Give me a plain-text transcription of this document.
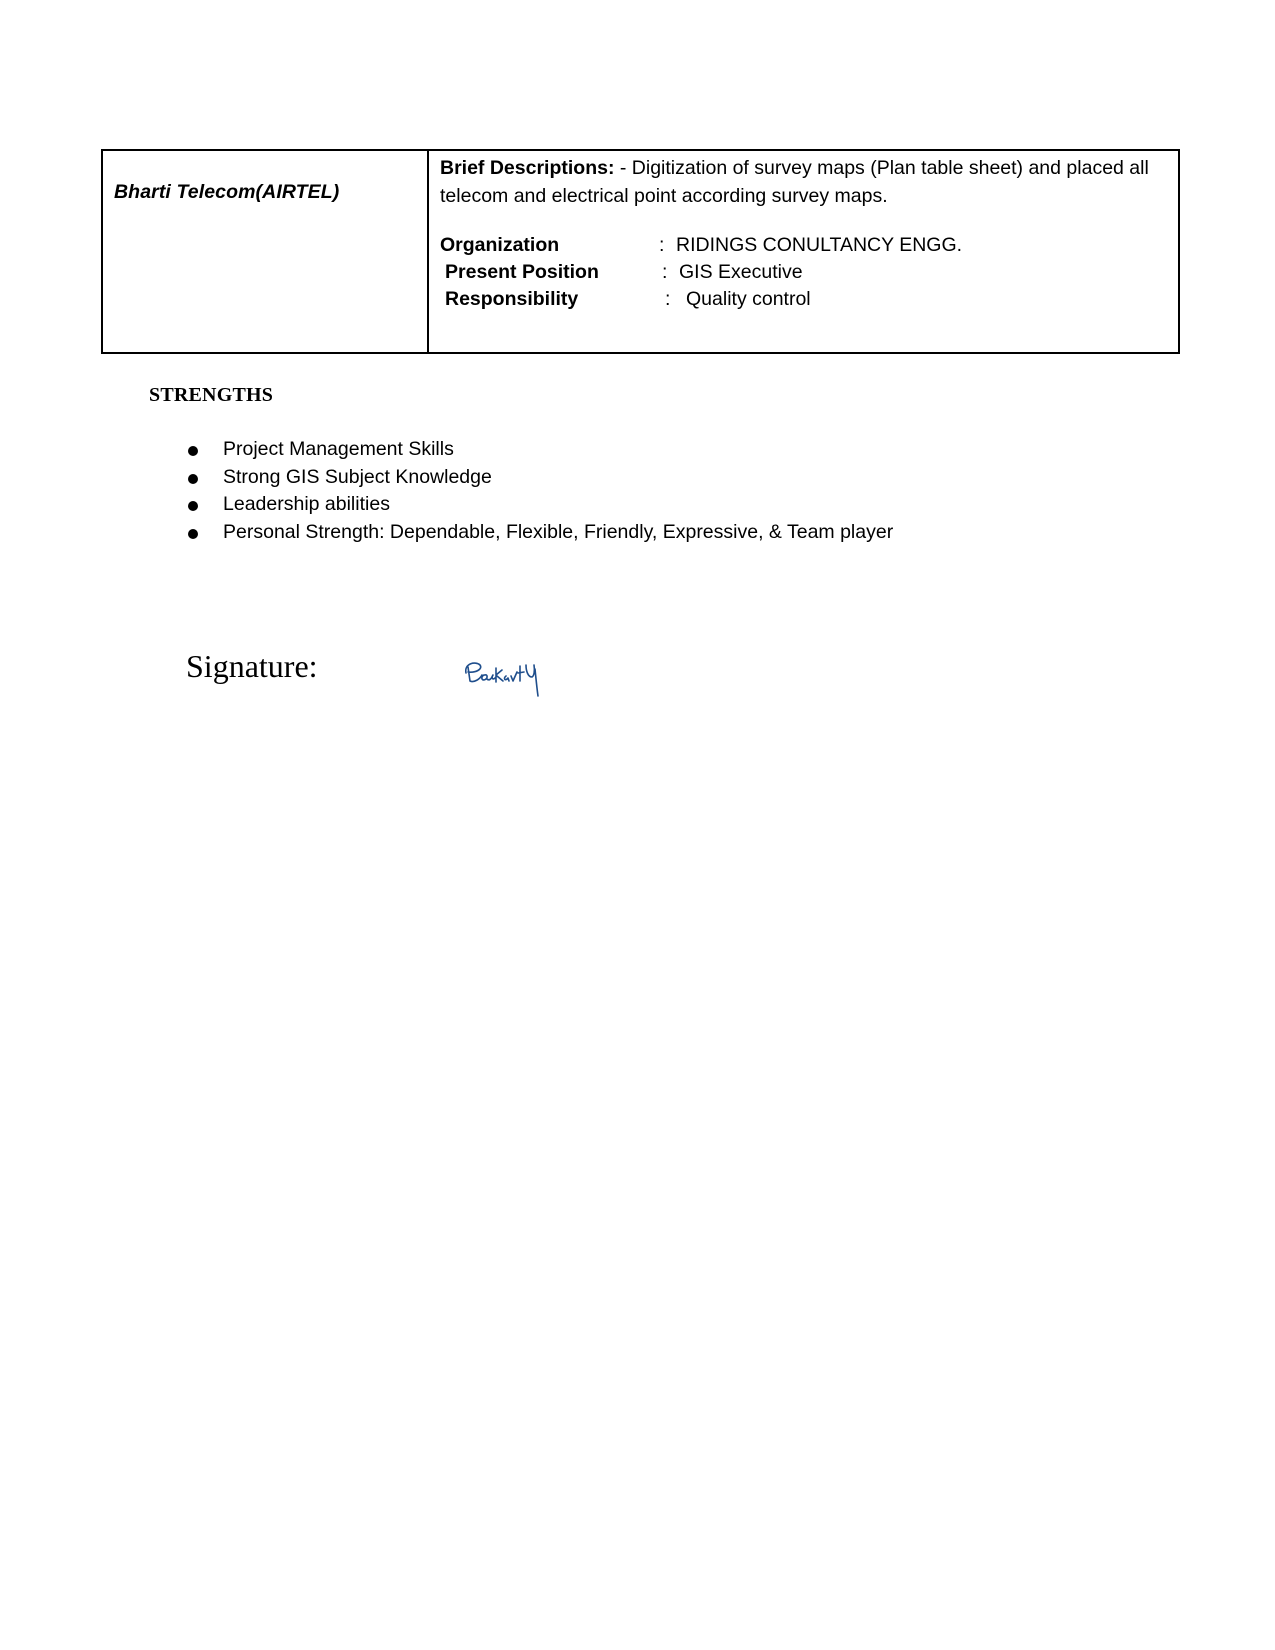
Bharti Telecom(AIRTEL)
Brief Descriptions: - Digitization of survey maps (Plan table sheet) and placed all telecom and electrical point according survey maps.
Organization	: RIDINGS CONULTANCY ENGG.
Present Position	: GIS Executive
Responsibility	: Quality control
STRENGTHS
Project Management Skills
Strong GIS Subject Knowledge
Leadership abilities
Personal Strength: Dependable, Flexible, Friendly, Expressive, & Team player
Signature:
